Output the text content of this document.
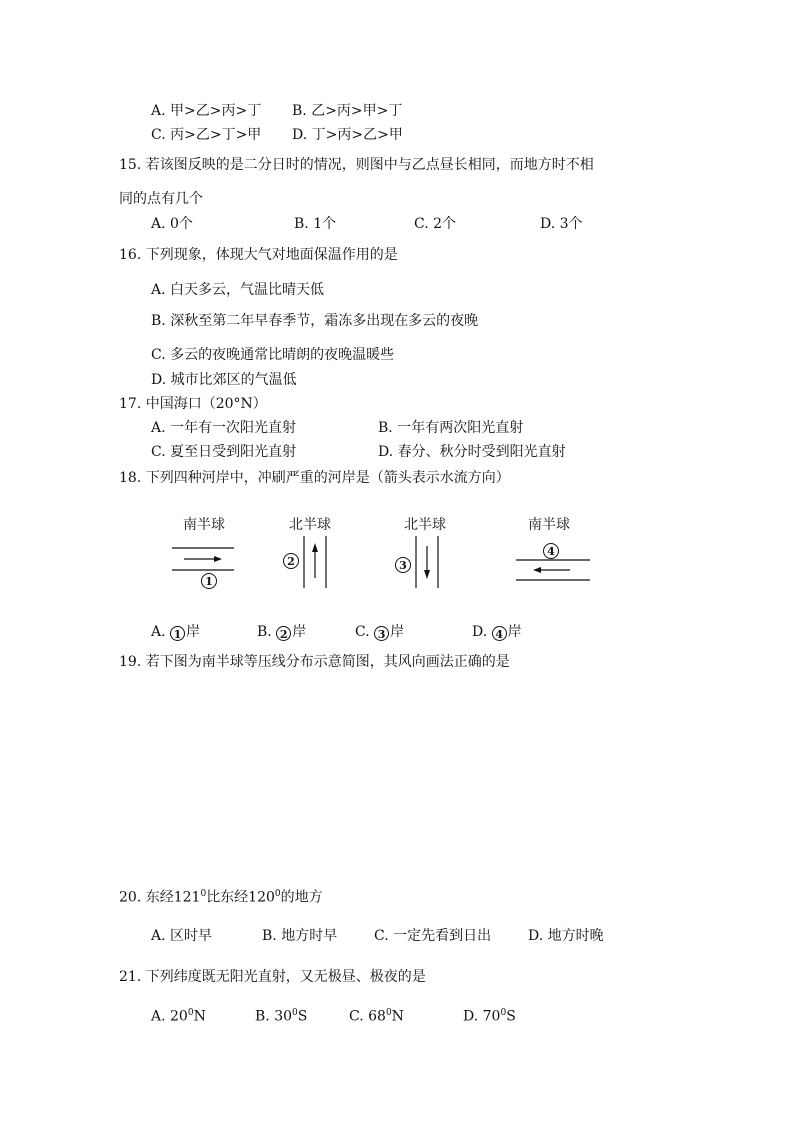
A. 甲>乙>丙>丁 B. 乙>丙>甲>丁
C. 丙>乙>丁>甲 D. 丁>丙>乙>甲
15. 若该图反映的是二分日时的情况，则图中与乙点昼长相同，而地方时不相
同的点有几个
A. 0个	B. 1个	C. 2个	D. 3个
16. 下列现象，体现大气对地面保温作用的是
A. 白天多云，气温比晴天低
B. 深秋至第二年早春季节，霜冻多出现在多云的夜晚
C. 多云的夜晚通常比晴朗的夜晚温暖些
D. 城市比郊区的气温低
17. 中国海口（20°N）
A. 一年有一次阳光直射	B. 一年有两次阳光直射
C. 夏至日受到阳光直射	D. 春分、秋分时受到阳光直射
18. 下列四种河岸中，冲刷严重的河岸是（箭头表示水流方向）
南半球
1
北半球
2
北半球
3
南半球
4
A. 1 岸	B. 2 岸	C. 3 岸	D. 4 岸
19. 若下图为南半球等压线分布示意简图，其风向画法正确的是
20. 东经$121^0$比东经$120^0$的地方
A. 区时早	B. 地方时早	C. 一定先看到日出	D. 地方时晚
21. 下列纬度既无阳光直射，又无极昼、极夜的是
A. $20^0N$	B. $30^0S$	C. $68^0N$	D. $70^0S$
